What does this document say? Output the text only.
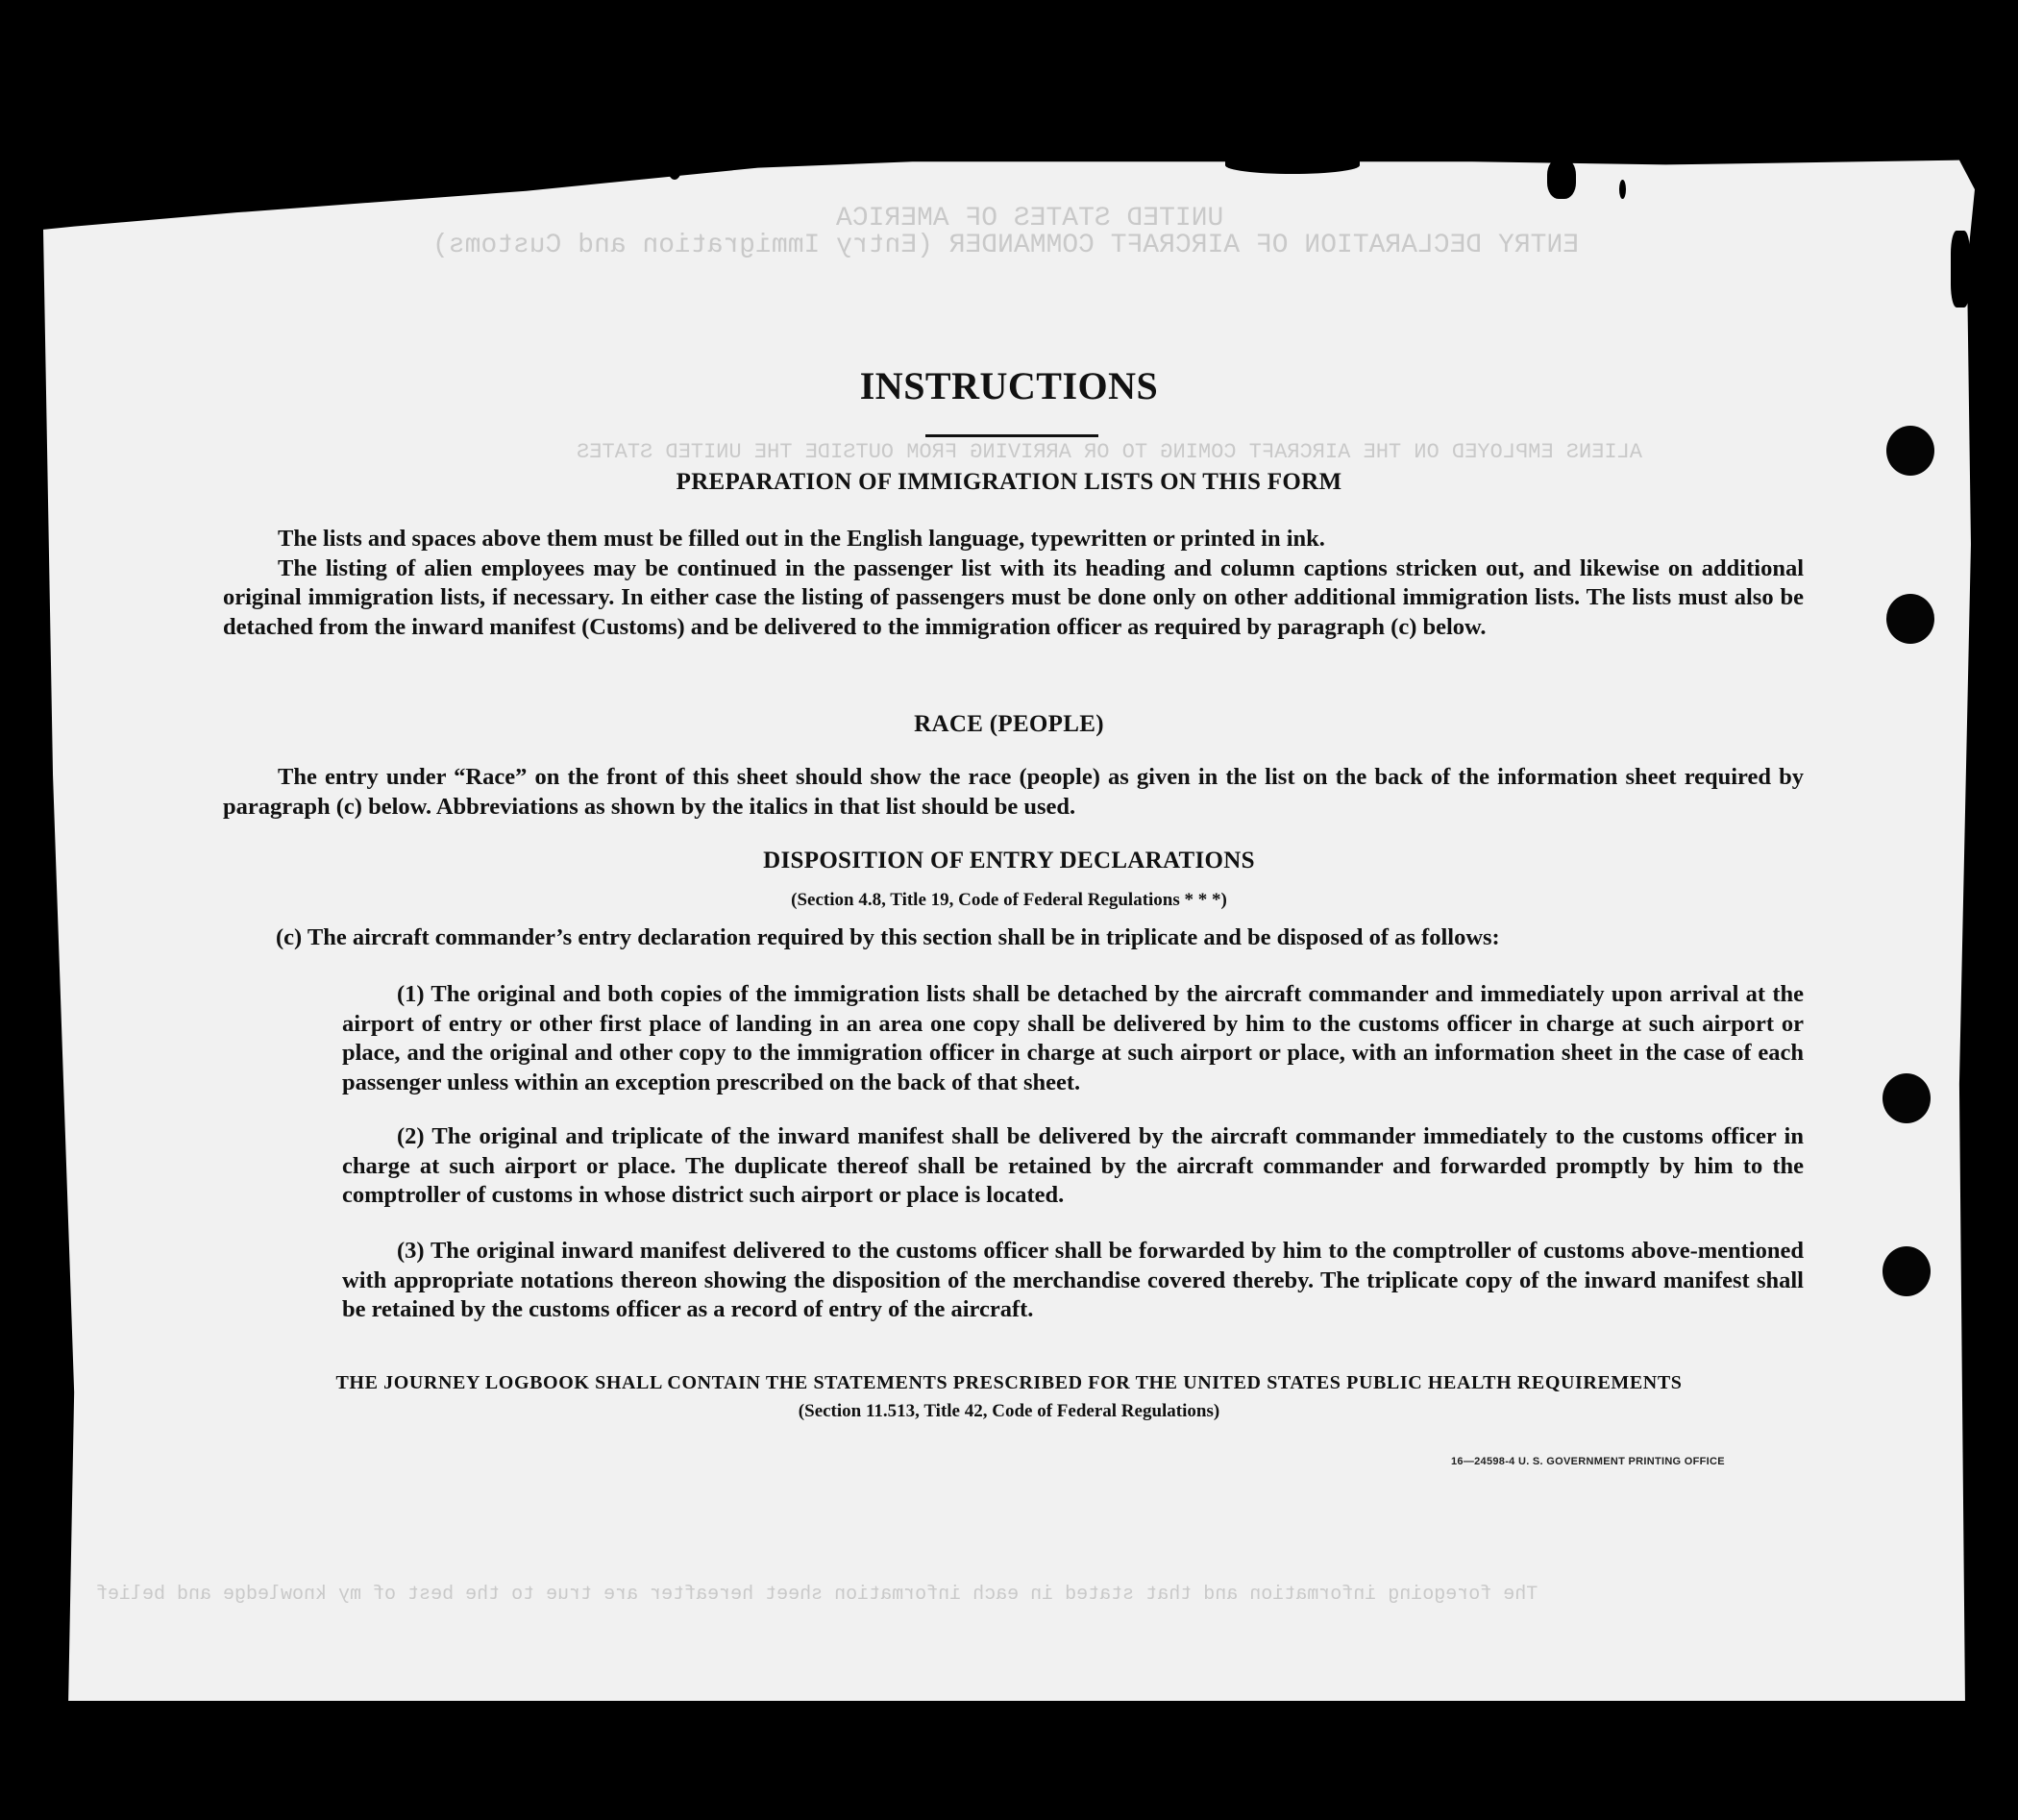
UNITED STATES OF AMERICA
ENTRY DECLARATION OF AIRCRAFT COMMANDER (Entry Immigration and Customs)
ALIENS EMPLOYED ON THE AIRCRAFT COMING TO OR ARRIVING FROM OUTSIDE THE UNITED STATES
The foregoing information and that stated in each information sheet hereafter are true to the best of my knowledge and belief
INSTRUCTIONS
PREPARATION OF IMMIGRATION LISTS ON THIS FORM

The lists and spaces above them must be filled out in the English language, typewritten or printed in ink.

The listing of alien employees may be continued in the passenger list with its heading and column captions stricken out, and likewise on additional original immigration lists, if necessary. In either case the listing of passengers must be done only on other additional immigration lists. The lists must also be detached from the inward manifest (Customs) and be delivered to the immigration officer as required by paragraph (c) below.

RACE (PEOPLE)

The entry under “Race” on the front of this sheet should show the race (people) as given in the list on the back of the information sheet required by paragraph (c) below. Abbreviations as shown by the italics in that list should be used.

DISPOSITION OF ENTRY DECLARATIONS
(Section 4.8, Title 19, Code of Federal Regulations * * *)

(c) The aircraft commander’s entry declaration required by this section shall be in triplicate and be disposed of as follows:

(1) The original and both copies of the immigration lists shall be detached by the aircraft commander and immediately upon arrival at the airport of entry or other first place of landing in an area one copy shall be delivered by him to the customs officer in charge at such airport or place, and the original and other copy to the immigration officer in charge at such airport or place, with an information sheet in the case of each passenger unless within an exception prescribed on the back of that sheet.

(2) The original and triplicate of the inward manifest shall be delivered by the aircraft commander immediately to the customs officer in charge at such airport or place. The duplicate thereof shall be retained by the aircraft commander and forwarded promptly by him to the comptroller of customs in whose district such airport or place is located.

(3) The original inward manifest delivered to the customs officer shall be forwarded by him to the comptroller of customs above-mentioned with appropriate notations thereon showing the disposition of the merchandise covered thereby. The triplicate copy of the inward manifest shall be retained by the customs officer as a record of entry of the aircraft.

THE JOURNEY LOGBOOK SHALL CONTAIN THE STATEMENTS PRESCRIBED FOR THE UNITED STATES PUBLIC HEALTH REQUIREMENTS
(Section 11.513, Title 42, Code of Federal Regulations)
16—24598-4 U. S. GOVERNMENT PRINTING OFFICE
